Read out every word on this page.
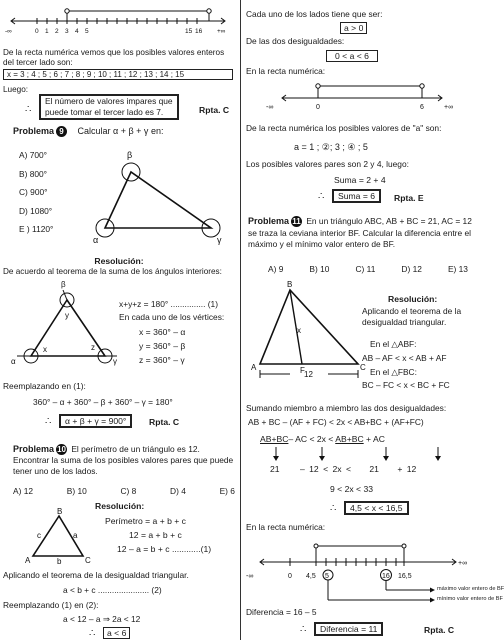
-∞	0 1 2 3 4 5	15 16 +∞
De la recta numérica vemos que los posibles valores enteros del tercer lado son:
x = 3 ; 4 ; 5 ; 6 ; 7 ; 8 ; 9 ; 10 ; 11 ; 12 ; 13 ; 14 ; 15
Luego:
∴
El número de valores impares que
puede tomar el tercer lado es 7.	Rpta. C
Problema 9 Calcular α + β + γ en:
A) 700°
B) 800°
C) 900°
D) 1080°
E ) 1120°
β
α	γ
Resolución:
De acuerdo al teorema de la suma de los ángulos interiores:
β
y
x	z
α	γ
x+y+z = 180° ............... (1)
En cada uno de los vértices:
x = 360° – α
y = 360° – β
z = 360° – γ
Reemplazando en (1):
360° – α + 360° – β + 360° – γ = 180°
∴	α + β + γ = 900°	Rpta. C
Problema 10 El perímetro de un triángulo es 12. Encontrar la suma de los posibles valores pares que puede tener uno de los lados.
A) 12	B) 10	C) 8	D) 4	E) 6
Resolución:
B
A	C
a
c
b
Perímetro = a + b + c
12 = a + b + c
12 – a = b + c ............(1)
Aplicando el teorema de la desigualdad triangular.
a < b + c ...................... (2)
Reemplazando (1) en (2):
a < 12 – a ⇒ 2a < 12
∴	a < 6
Cada uno de los lados tiene que ser:
a > 0
De las dos desigualdades:
0 < a < 6
En la recta numérica:
-∞	0	6	+∞
De la recta numérica los posibles valores de "a" son:
a = 1 ; ②; 3 ; ④ ; 5
Los posibles valores pares son 2 y 4, luego:
Suma = 2 + 4
∴	Suma = 6	Rpta. E
Problema 11 En un triángulo ABC, AB + BC = 21, AC = 12 se traza la ceviana interior BF. Calcular la diferencia entre el máximo y el mínimo valor entero de BF.
A) 9	B) 10	C) 11	D) 12	E) 13
B
A	C
F
x
12
Resolución:
Aplicando el teorema de la desigualdad triangular.
En el △ABF:
AB – AF < x < AB + AF
En el △FBC:
BC – FC < x < BC + FC
Sumando miembro a miembro las dos desigualdades:
AB + BC – (AF + FC) < 2x < AB+BC + (AF+FC)
AB+BC– AC < 2x < AB+BC + AC
21 – 12 < 2x < 21 + 12
9 < 2x < 33
∴	4,5 < x < 16,5
En la recta numérica:
-∞	0 4,5 5	16 16,5
+∞
máximo valor entero de BF
mínimo valor entero de BF
Diferencia = 16 – 5
∴	Diferencia = 11	Rpta. C
